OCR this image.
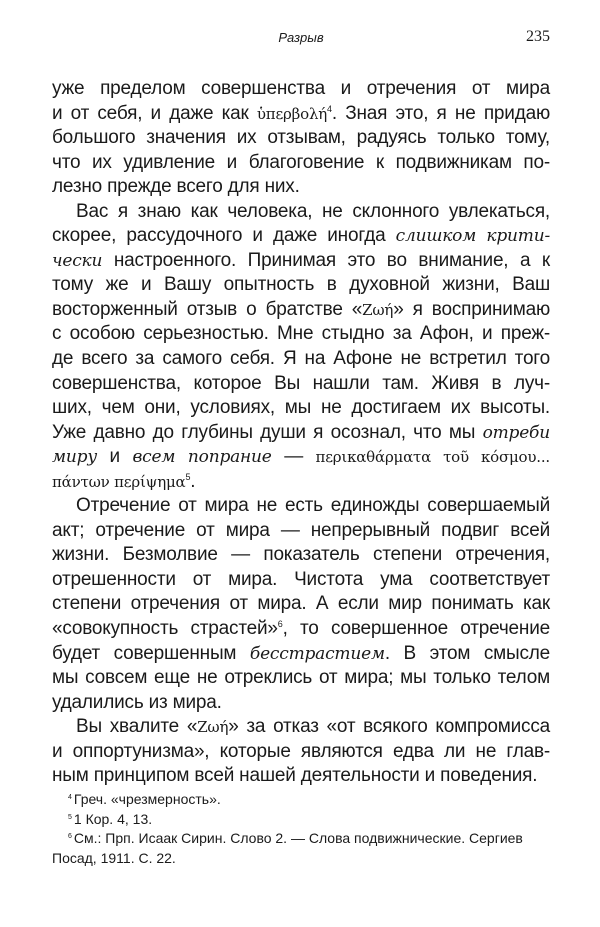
Разрыв	235
уже пределом совершенства и отречения от мира
и от себя, и даже как ὑπερβολή$^4$. Зная это, я не придаю
большого значения их отзывам, радуясь только тому,
что их удивление и благоговение к подвижникам по-
лезно прежде всего для них.
Вас я знаю как человека, не склонного увлекаться,
скорее, рассудочного и даже иногда слишком крити-
чески настроенного. Принимая это во внимание, а к
тому же и Вашу опытность в духовной жизни, Ваш
восторженный отзыв о братстве «Ζωή» я воспринимаю
с особою серьезностью. Мне стыдно за Афон, и преж-
де всего за самого себя. Я на Афоне не встретил того
совершенства, которое Вы нашли там. Живя в луч-
ших, чем они, условиях, мы не достигаем их высоты.
Уже давно до глубины души я осознал, что мы отреби
миру и всем попрание — περικαθάρματα τοῦ κόσμου...
πάντων περίψημα$^5$.
Отречение от мира не есть единожды совершаемый
акт; отречение от мира — непрерывный подвиг всей
жизни. Безмолвие — показатель степени отречения,
отрешенности от мира. Чистота ума соответствует
степени отречения от мира. А если мир понимать как
«совокупность страстей»$^6$, то совершенное отречение
будет совершенным бесстрастием. В этом смысле
мы совсем еще не отреклись от мира; мы только телом
удалились из мира.
Вы хвалите «Ζωή» за отказ «от всякого компромисса
и оппортунизма», которые являются едва ли не глав-
ным принципом всей нашей деятельности и поведения.
$^4$ Греч. «чрезмерность».
$^5$ 1 Кор. 4, 13.
$^6$ См.: Прп. Исаак Сирин. Слово 2. — Слова подвижнические. Сергиев
Посад, 1911. С. 22.
